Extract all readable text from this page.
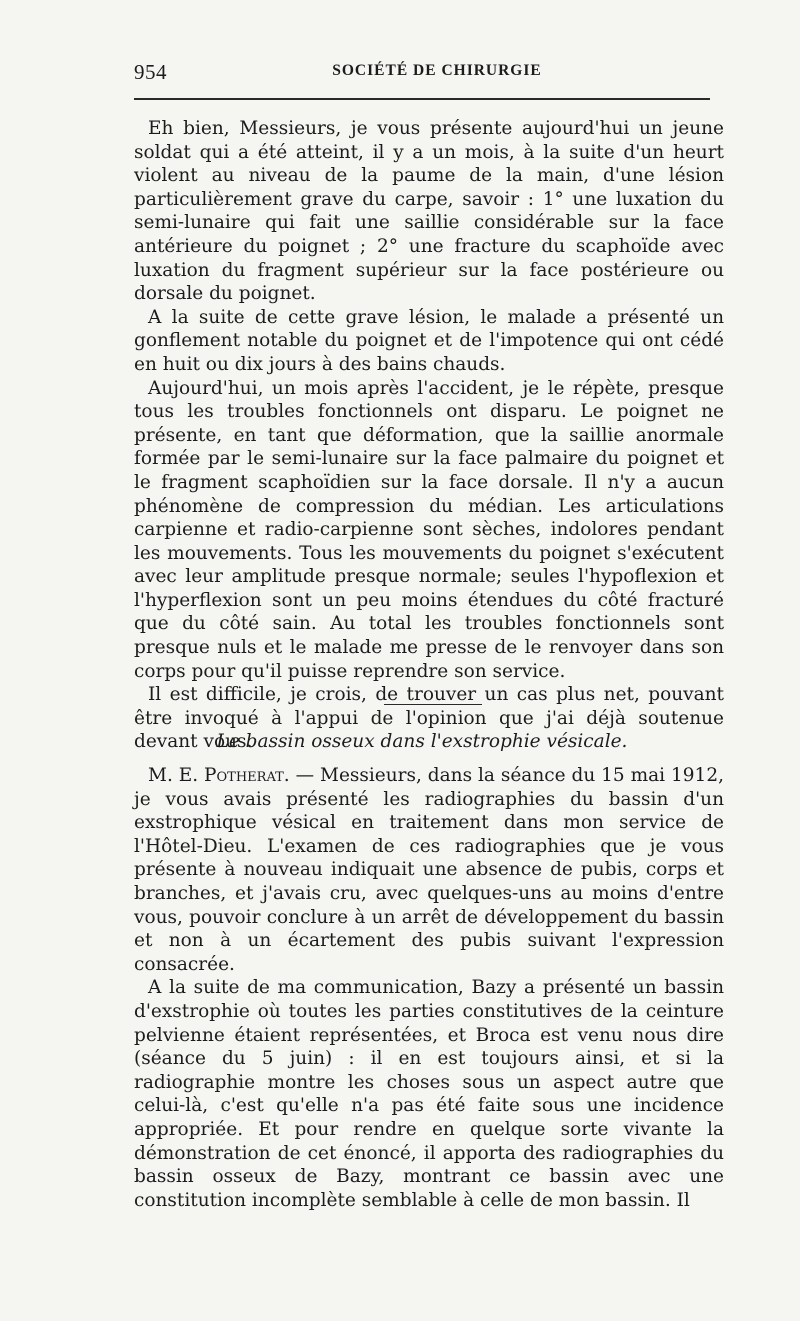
954	SOCIÉTÉ DE CHIRURGIE

Eh bien, Messieurs, je vous présente aujourd'hui un jeune soldat qui a été atteint, il y a un mois, à la suite d'un heurt violent au niveau de la paume de la main, d'une lésion particulièrement grave du carpe, savoir : 1° une luxation du semi-lunaire qui fait une saillie considérable sur la face antérieure du poignet ; 2° une fracture du scaphoïde avec luxation du fragment supérieur sur la face postérieure ou dorsale du poignet.

A la suite de cette grave lésion, le malade a présenté un gonflement notable du poignet et de l'impotence qui ont cédé en huit ou dix jours à des bains chauds.

Aujourd'hui, un mois après l'accident, je le répète, presque tous les troubles fonctionnels ont disparu. Le poignet ne présente, en tant que déformation, que la saillie anormale formée par le semi-lunaire sur la face palmaire du poignet et le fragment scaphoïdien sur la face dorsale. Il n'y a aucun phénomène de compression du médian. Les articulations carpienne et radio-carpienne sont sèches, indolores pendant les mouvements. Tous les mouvements du poignet s'exécutent avec leur amplitude presque normale; seules l'hypoflexion et l'hyperflexion sont un peu moins étendues du côté fracturé que du côté sain. Au total les troubles fonctionnels sont presque nuls et le malade me presse de le renvoyer dans son corps pour qu'il puisse reprendre son service.

Il est difficile, je crois, de trouver un cas plus net, pouvant être invoqué à l'appui de l'opinion que j'ai déjà soutenue devant vous.

Le bassin osseux dans l'exstrophie vésicale.

M. E. Potherat. — Messieurs, dans la séance du 15 mai 1912, je vous avais présenté les radiographies du bassin d'un exstrophique vésical en traitement dans mon service de l'Hôtel-Dieu. L'examen de ces radiographies que je vous présente à nouveau indiquait une absence de pubis, corps et branches, et j'avais cru, avec quelques-uns au moins d'entre vous, pouvoir conclure à un arrêt de développement du bassin et non à un écartement des pubis suivant l'expression consacrée.

A la suite de ma communication, Bazy a présenté un bassin d'exstrophie où toutes les parties constitutives de la ceinture pelvienne étaient représentées, et Broca est venu nous dire (séance du 5 juin) : il en est toujours ainsi, et si la radiographie montre les choses sous un aspect autre que celui-là, c'est qu'elle n'a pas été faite sous une incidence appropriée. Et pour rendre en quelque sorte vivante la démonstration de cet énoncé, il apporta des radiographies du bassin osseux de Bazy, montrant ce bassin avec une constitution incomplète semblable à celle de mon bassin. Il
